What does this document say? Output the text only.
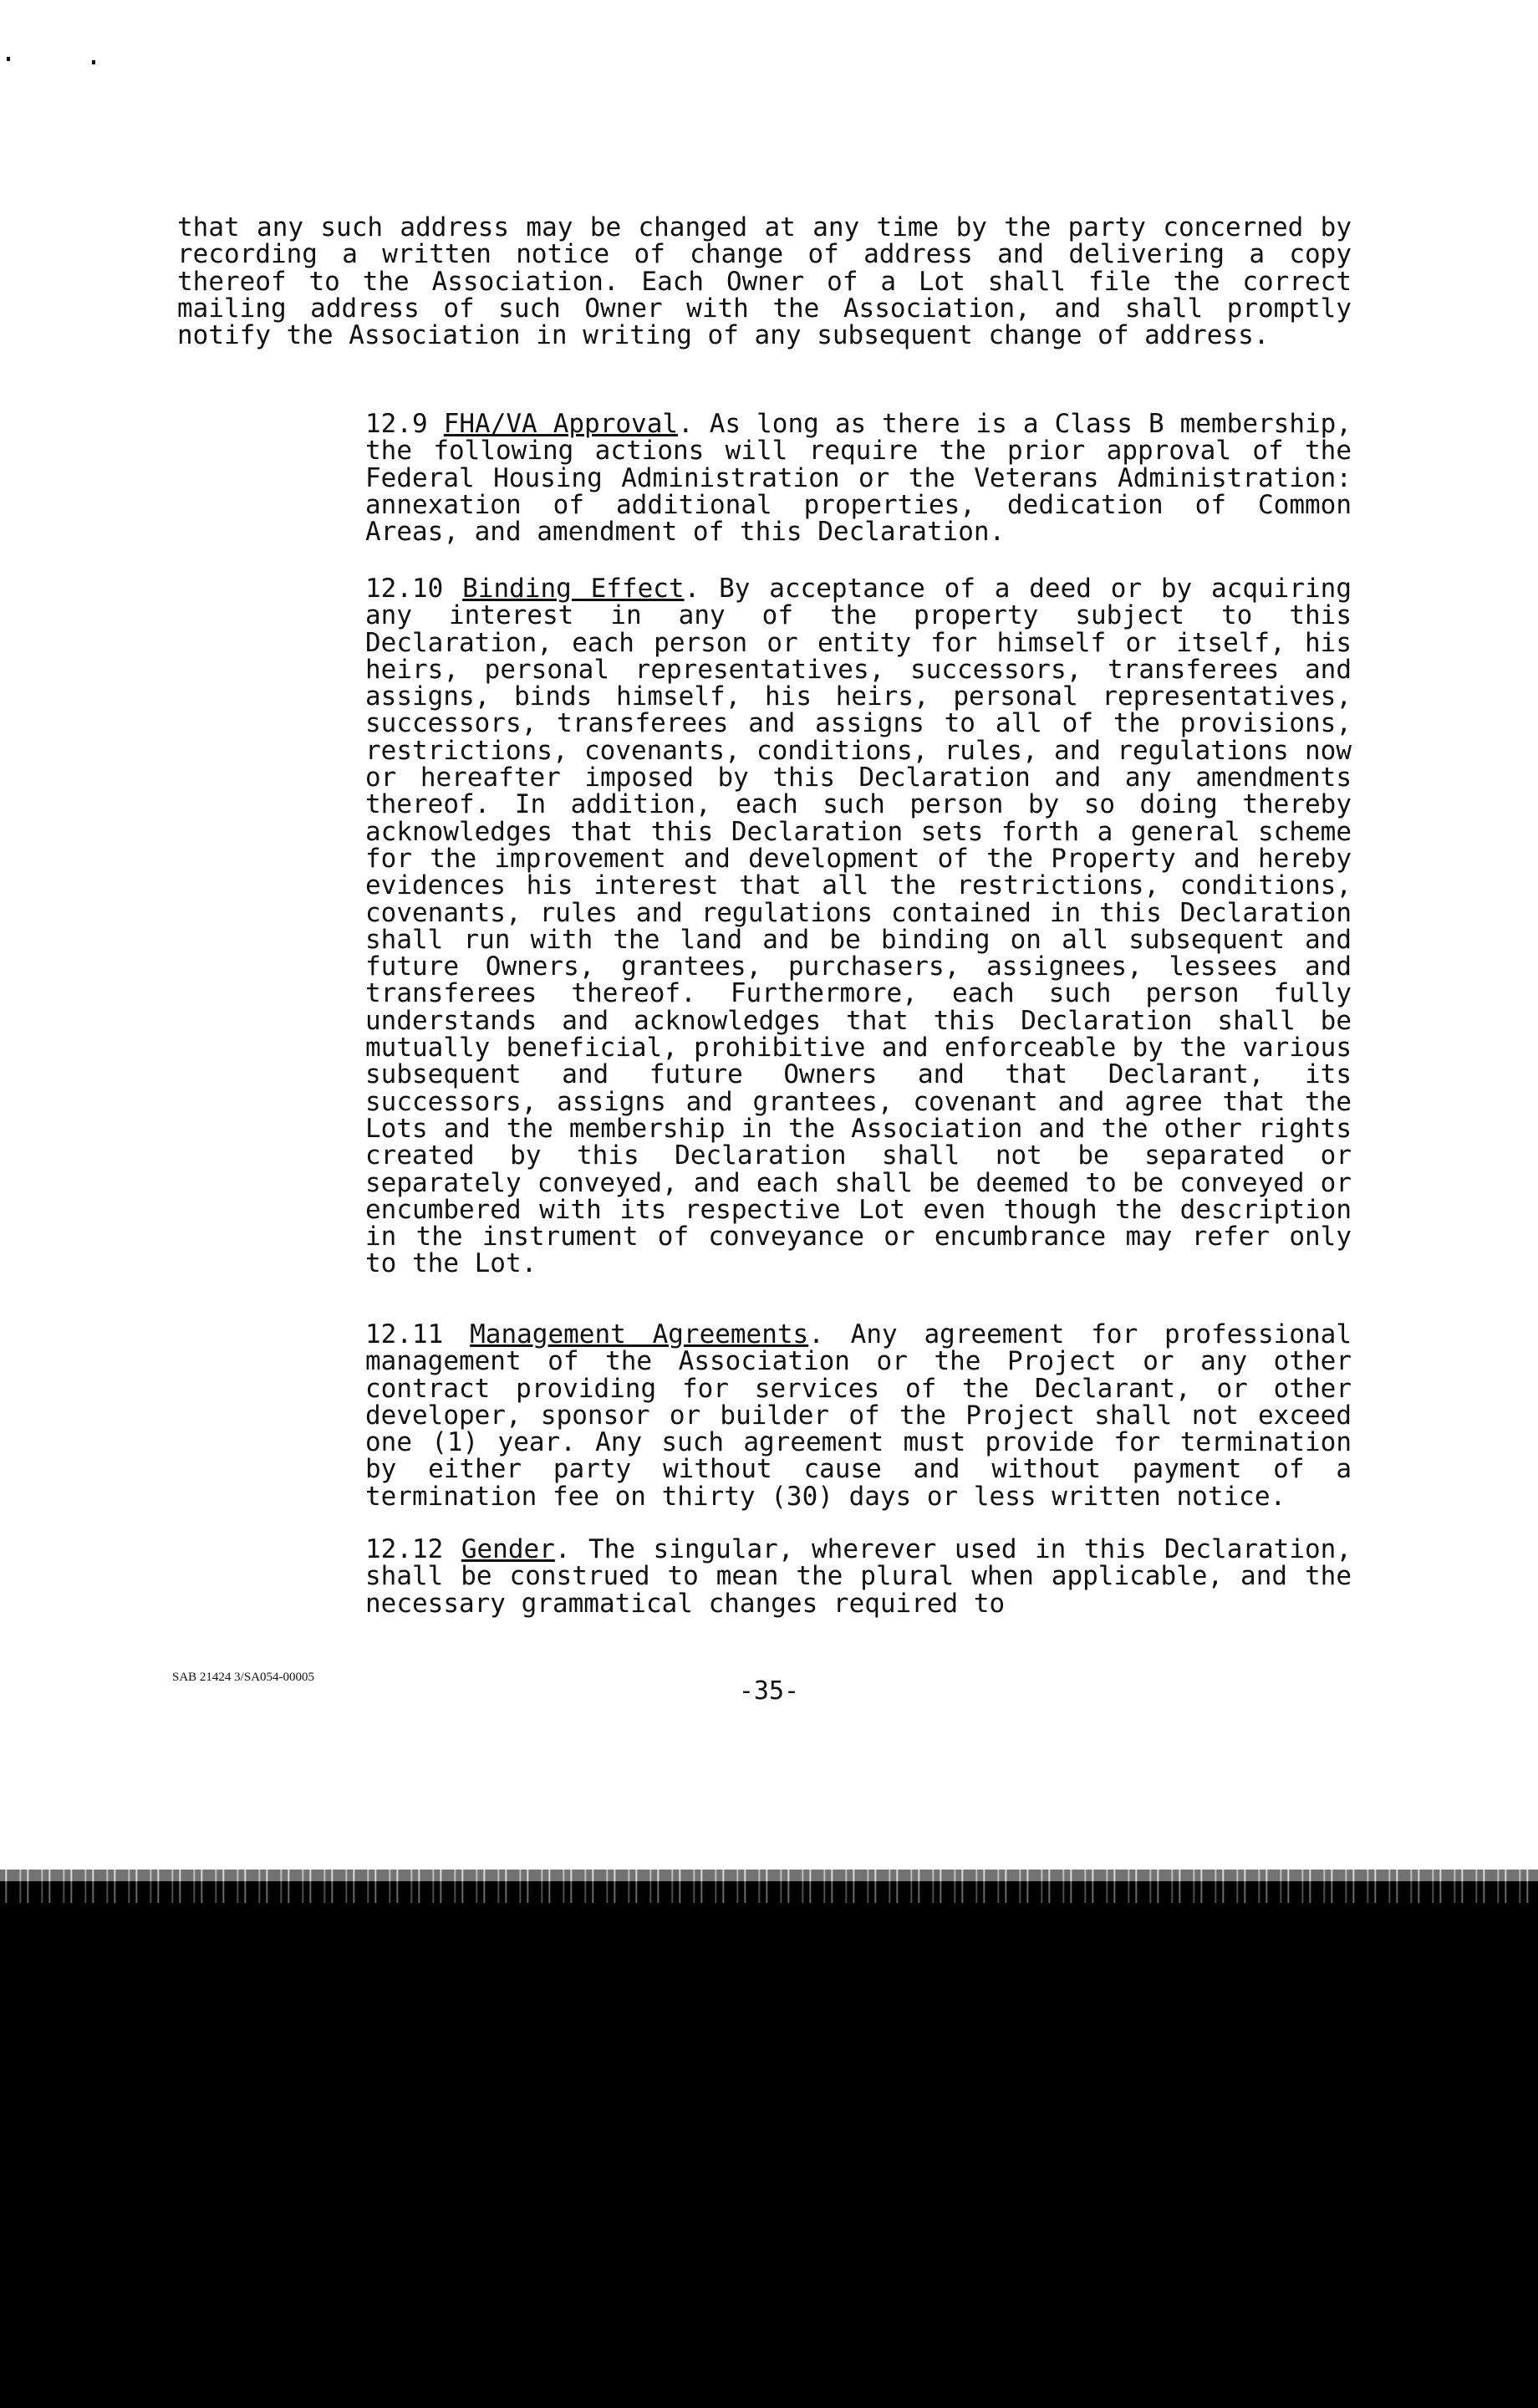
that any such address may be changed at any time by the party concerned by recording a written notice of change of address and delivering a copy thereof to the Association. Each Owner of a Lot shall file the correct mailing address of such Owner with the Association, and shall promptly notify the Association in writing of any subsequent change of address.

12.9 FHA/VA Approval. As long as there is a Class B membership, the following actions will require the prior approval of the Federal Housing Administration or the Veterans Administration: annexation of additional properties, dedication of Common Areas, and amendment of this Declaration.

12.10 Binding Effect. By acceptance of a deed or by acquiring any interest in any of the property subject to this Declaration, each person or entity for himself or itself, his heirs, personal representatives, successors, transferees and assigns, binds himself, his heirs, personal representatives, successors, transferees and assigns to all of the provisions, restrictions, covenants, conditions, rules, and regulations now or hereafter imposed by this Declaration and any amendments thereof. In addition, each such person by so doing thereby acknowledges that this Declaration sets forth a general scheme for the improvement and development of the Property and hereby evidences his interest that all the restrictions, conditions, covenants, rules and regulations contained in this Declaration shall run with the land and be binding on all subsequent and future Owners, grantees, purchasers, assignees, lessees and transferees thereof. Furthermore, each such person fully understands and acknowledges that this Declaration shall be mutually beneficial, prohibitive and enforceable by the various subsequent and future Owners and that Declarant, its successors, assigns and grantees, covenant and agree that the Lots and the membership in the Association and the other rights created by this Declaration shall not be separated or separately conveyed, and each shall be deemed to be conveyed or encumbered with its respective Lot even though the description in the instrument of conveyance or encumbrance may refer only to the Lot.

12.11 Management Agreements. Any agreement for professional management of the Association or the Project or any other contract providing for services of the Declarant, or other developer, sponsor or builder of the Project shall not exceed one (1) year. Any such agreement must provide for termination by either party without cause and without payment of a termination fee on thirty (30) days or less written notice.

12.12 Gender. The singular, wherever used in this Declaration, shall be construed to mean the plural when applicable, and the necessary grammatical changes required to

SAB 21424 3/SA054-00005	-35-
